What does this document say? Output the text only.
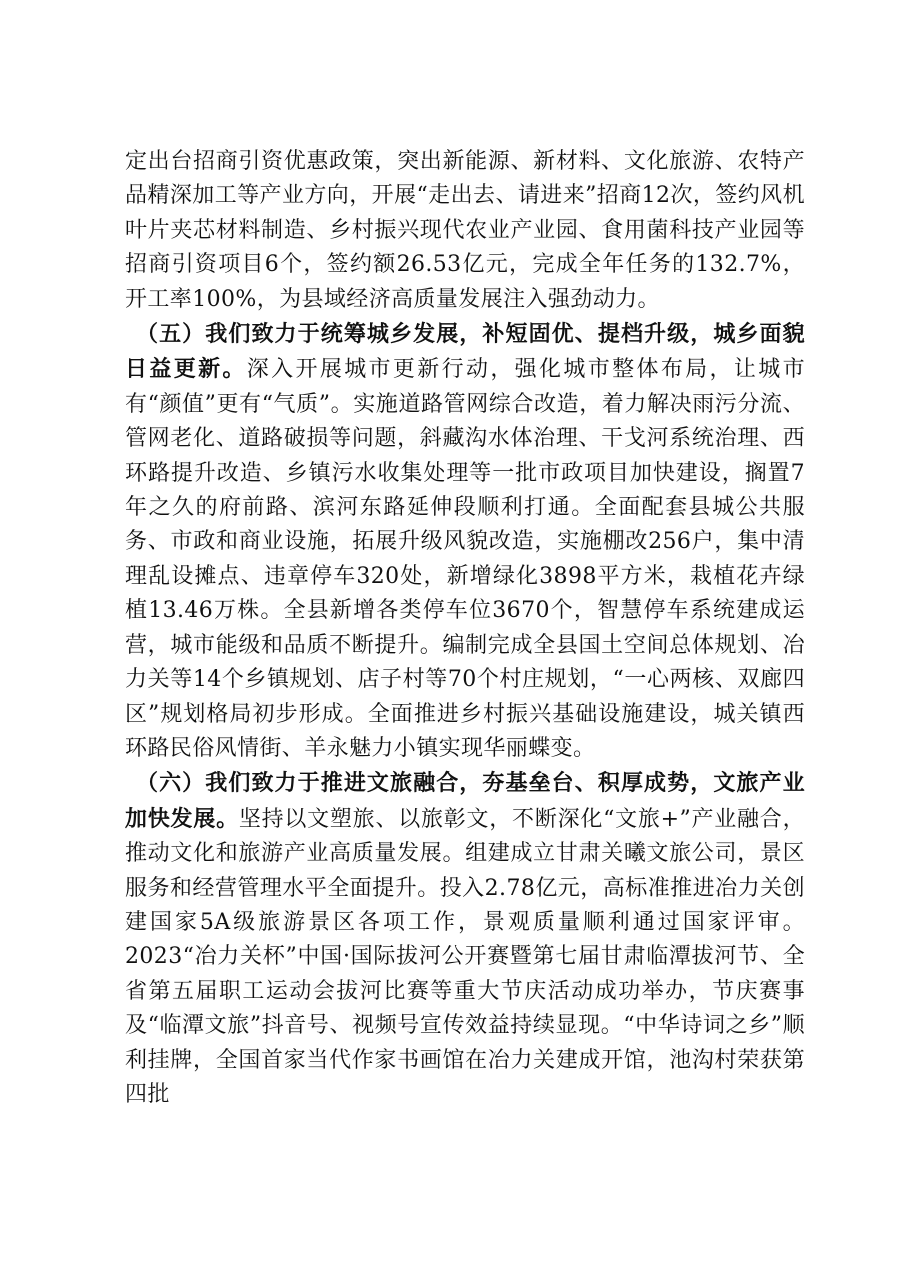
定出台招商引资优惠政策，突出新能源、新材料、文化旅游、农特产品精深加工等产业方向，开展“走出去、请进来”招商12次，签约风机叶片夹芯材料制造、乡村振兴现代农业产业园、食用菌科技产业园等招商引资项目6个，签约额26.53亿元，完成全年任务的132.7%，开工率100%，为县域经济高质量发展注入强劲动力。

（五）我们致力于统筹城乡发展，补短固优、提档升级，城乡面貌日益更新。深入开展城市更新行动，强化城市整体布局，让城市有“颜值”更有“气质”。实施道路管网综合改造，着力解决雨污分流、管网老化、道路破损等问题，斜藏沟水体治理、干戈河系统治理、西环路提升改造、乡镇污水收集处理等一批市政项目加快建设，搁置7年之久的府前路、滨河东路延伸段顺利打通。全面配套县城公共服务、市政和商业设施，拓展升级风貌改造，实施棚改256户，集中清理乱设摊点、违章停车320处，新增绿化3898平方米，栽植花卉绿植13.46万株。全县新增各类停车位3670个，智慧停车系统建成运营，城市能级和品质不断提升。编制完成全县国土空间总体规划、冶力关等14个乡镇规划、店子村等70个村庄规划，“一心两核、双廊四区”规划格局初步形成。全面推进乡村振兴基础设施建设，城关镇西环路民俗风情街、羊永魅力小镇实现华丽蝶变。

（六）我们致力于推进文旅融合，夯基垒台、积厚成势，文旅产业加快发展。坚持以文塑旅、以旅彰文，不断深化“文旅+”产业融合，推动文化和旅游产业高质量发展。组建成立甘肃关曦文旅公司，景区服务和经营管理水平全面提升。投入2.78亿元，高标准推进冶力关创建国家5A级旅游景区各项工作，景观质量顺利通过国家评审。2023“冶力关杯”中国·国际拔河公开赛暨第七届甘肃临潭拔河节、全省第五届职工运动会拔河比赛等重大节庆活动成功举办，节庆赛事及“临潭文旅”抖音号、视频号宣传效益持续显现。“中华诗词之乡”顺利挂牌，全国首家当代作家书画馆在冶力关建成开馆，池沟村荣获第四批
